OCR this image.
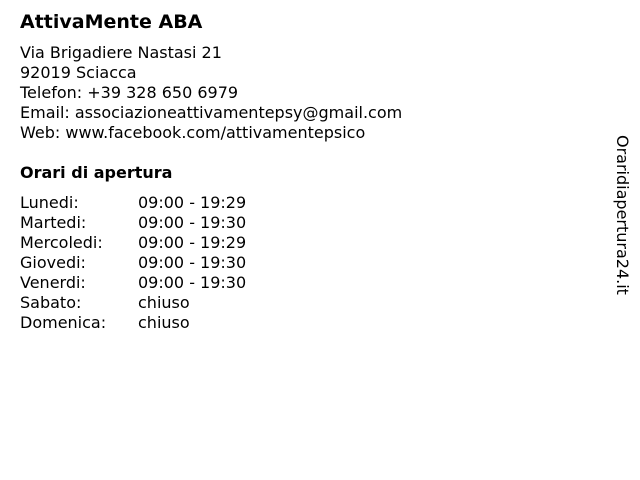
AttivaMente ABA
Via Brigadiere Nastasi 21
92019 Sciacca
Telefon: +39 328 650 6979
Email: associazioneattivamentepsy@gmail.com
Web: www.facebook.com/attivamentepsico
Orari di apertura
Lunedi:	09:00 - 19:29
Martedi:	09:00 - 19:30
Mercoledi:	09:00 - 19:29
Giovedi:	09:00 - 19:30
Venerdi:	09:00 - 19:30
Sabato:	chiuso
Domenica:	chiuso
Oraridiapertura24.it
